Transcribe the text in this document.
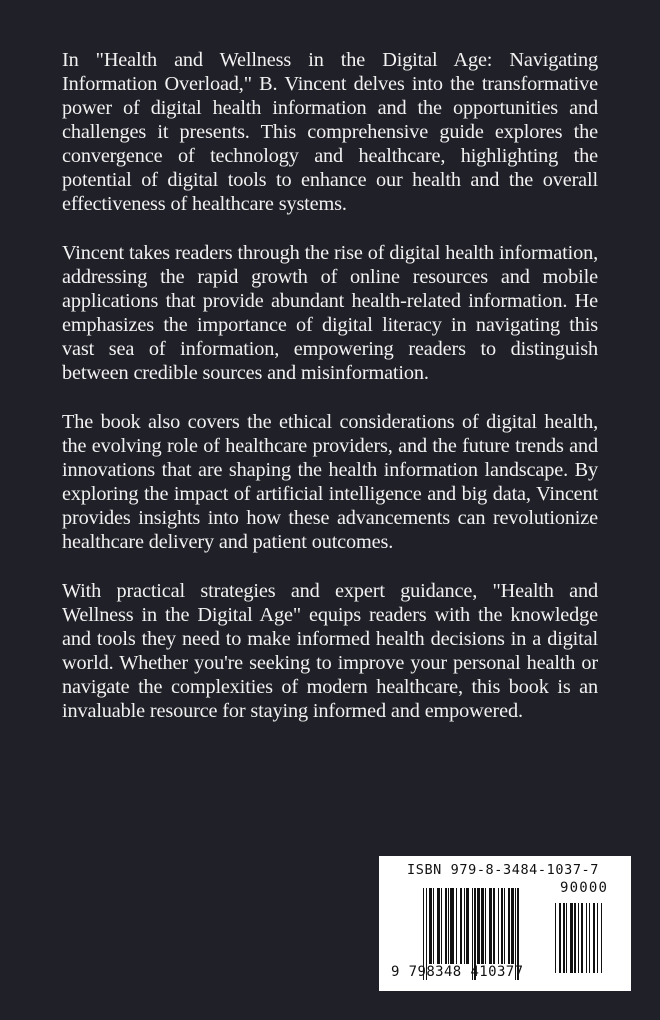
In "Health and Wellness in the Digital Age: Navigating Information Overload," B. Vincent delves into the transformative power of digital health information and the opportunities and challenges it presents. This comprehensive guide explores the convergence of technology and healthcare, highlighting the potential of digital tools to enhance our health and the overall effectiveness of healthcare systems.

Vincent takes readers through the rise of digital health information, addressing the rapid growth of online resources and mobile applications that provide abundant health-related information. He emphasizes the importance of digital literacy in navigating this vast sea of information, empowering readers to distinguish between credible sources and misinformation.

The book also covers the ethical considerations of digital health, the evolving role of healthcare providers, and the future trends and innovations that are shaping the health information landscape. By exploring the impact of artificial intelligence and big data, Vincent provides insights into how these advancements can revolutionize healthcare delivery and patient outcomes.

With practical strategies and expert guidance, "Health and Wellness in the Digital Age" equips readers with the knowledge and tools they need to make informed health decisions in a digital world. Whether you're seeking to improve your personal health or navigate the complexities of modern healthcare, this book is an invaluable resource for staying informed and empowered.

ISBN 979-8-3484-1037-7
90000
9 798348 410377
